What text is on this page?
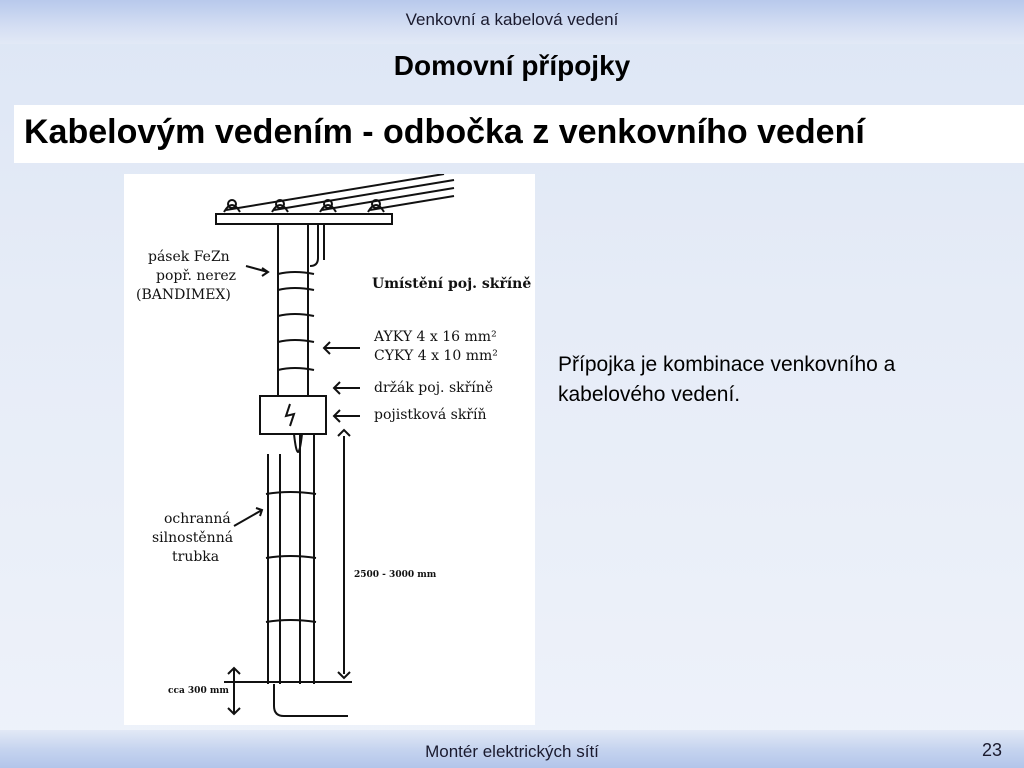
Venkovní a kabelová vedení
Domovní přípojky
Kabelovým vedením - odbočka z venkovního vedení
pásek FeZn
popř. nerez
(BANDIMEX)
Umístění poj. skříně
AYKY 4 x 16 mm²
CYKY 4 x 10 mm²
držák poj. skříně
pojistková skříň
ochranná
silnostěnná
trubka
2500 - 3000 mm
cca 300 mm
Přípojka je kombinace venkovního a kabelového vedení.
Montér elektrických sítí	23
